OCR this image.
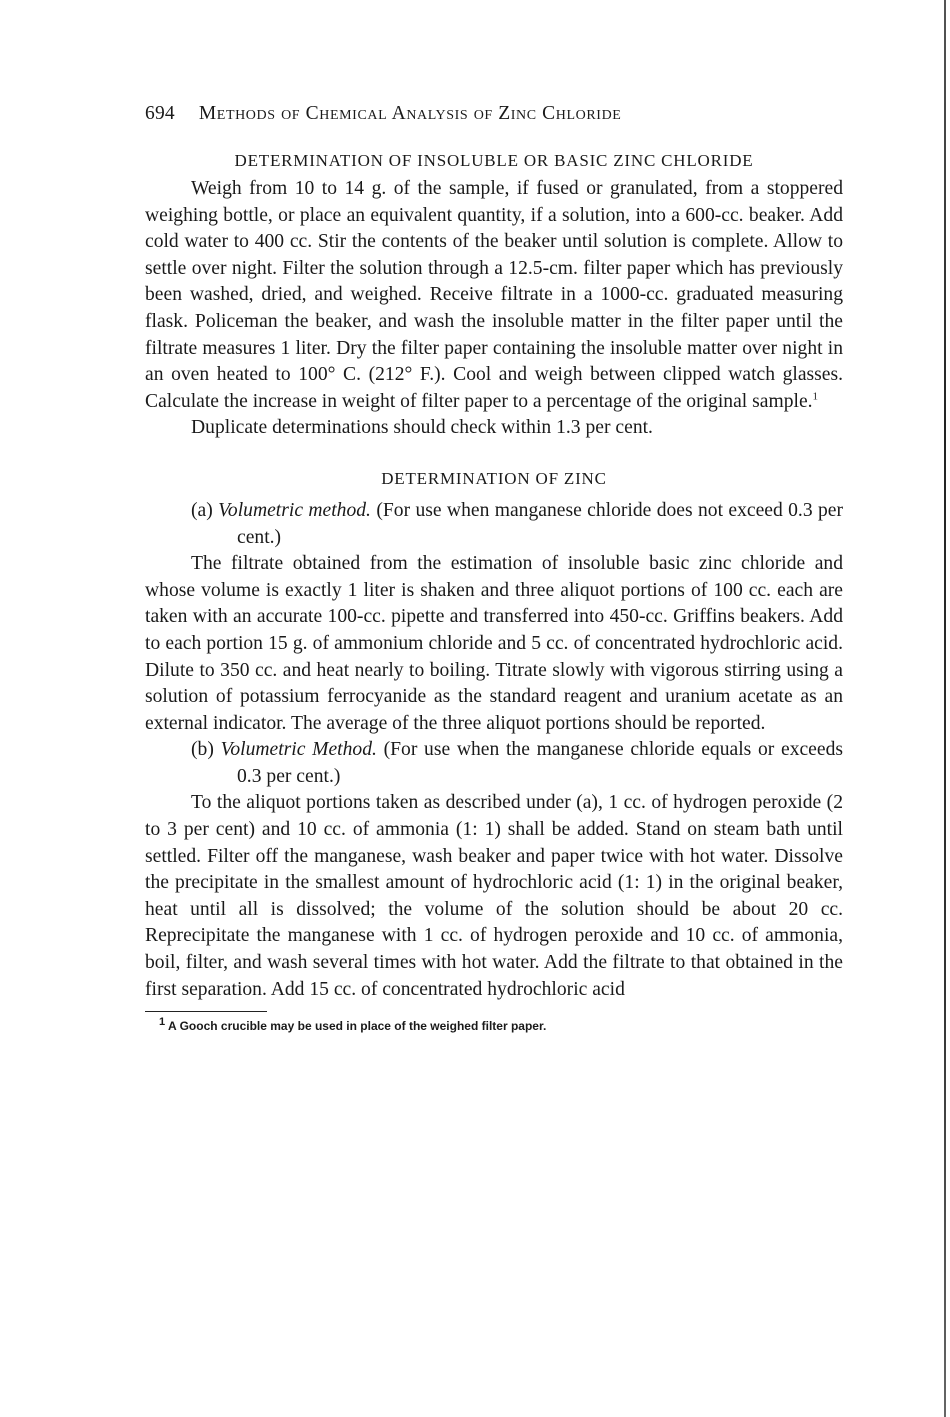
694 Methods of Chemical Analysis of Zinc Chloride
DETERMINATION OF INSOLUBLE OR BASIC ZINC CHLORIDE

Weigh from 10 to 14 g. of the sample, if fused or granulated, from a stoppered weighing bottle, or place an equivalent quantity, if a solution, into a 600-cc. beaker. Add cold water to 400 cc. Stir the contents of the beaker until solution is complete. Allow to settle over night. Filter the solution through a 12.5-cm. filter paper which has previously been washed, dried, and weighed. Receive filtrate in a 1000-cc. graduated measuring flask. Policeman the beaker, and wash the insoluble matter in the filter paper until the filtrate measures 1 liter. Dry the filter paper containing the insoluble matter over night in an oven heated to 100° C. (212° F.). Cool and weigh between clipped watch glasses. Calculate the increase in weight of filter paper to a percentage of the original sample.$^1$

Duplicate determinations should check within 1.3 per cent.

DETERMINATION OF ZINC
(a) Volumetric method. (For use when manganese chloride does not exceed 0.3 per cent.)

The filtrate obtained from the estimation of insoluble basic zinc chloride and whose volume is exactly 1 liter is shaken and three aliquot portions of 100 cc. each are taken with an accurate 100-cc. pipette and transferred into 450-cc. Griffins beakers. Add to each portion 15 g. of ammonium chloride and 5 cc. of concentrated hydrochloric acid. Dilute to 350 cc. and heat nearly to boiling. Titrate slowly with vigorous stirring using a solution of potassium ferrocyanide as the standard reagent and uranium acetate as an external indicator. The average of the three aliquot portions should be reported.

(b) Volumetric Method. (For use when the manganese chloride equals or exceeds 0.3 per cent.)

To the aliquot portions taken as described under (a), 1 cc. of hydrogen peroxide (2 to 3 per cent) and 10 cc. of ammonia (1: 1) shall be added. Stand on steam bath until settled. Filter off the manganese, wash beaker and paper twice with hot water. Dissolve the precipitate in the smallest amount of hydrochloric acid (1: 1) in the original beaker, heat until all is dissolved; the volume of the solution should be about 20 cc. Reprecipitate the manganese with 1 cc. of hydrogen peroxide and 10 cc. of ammonia, boil, filter, and wash several times with hot water. Add the filtrate to that obtained in the first separation. Add 15 cc. of concentrated hydrochloric acid

$^1$ A Gooch crucible may be used in place of the weighed filter paper.
